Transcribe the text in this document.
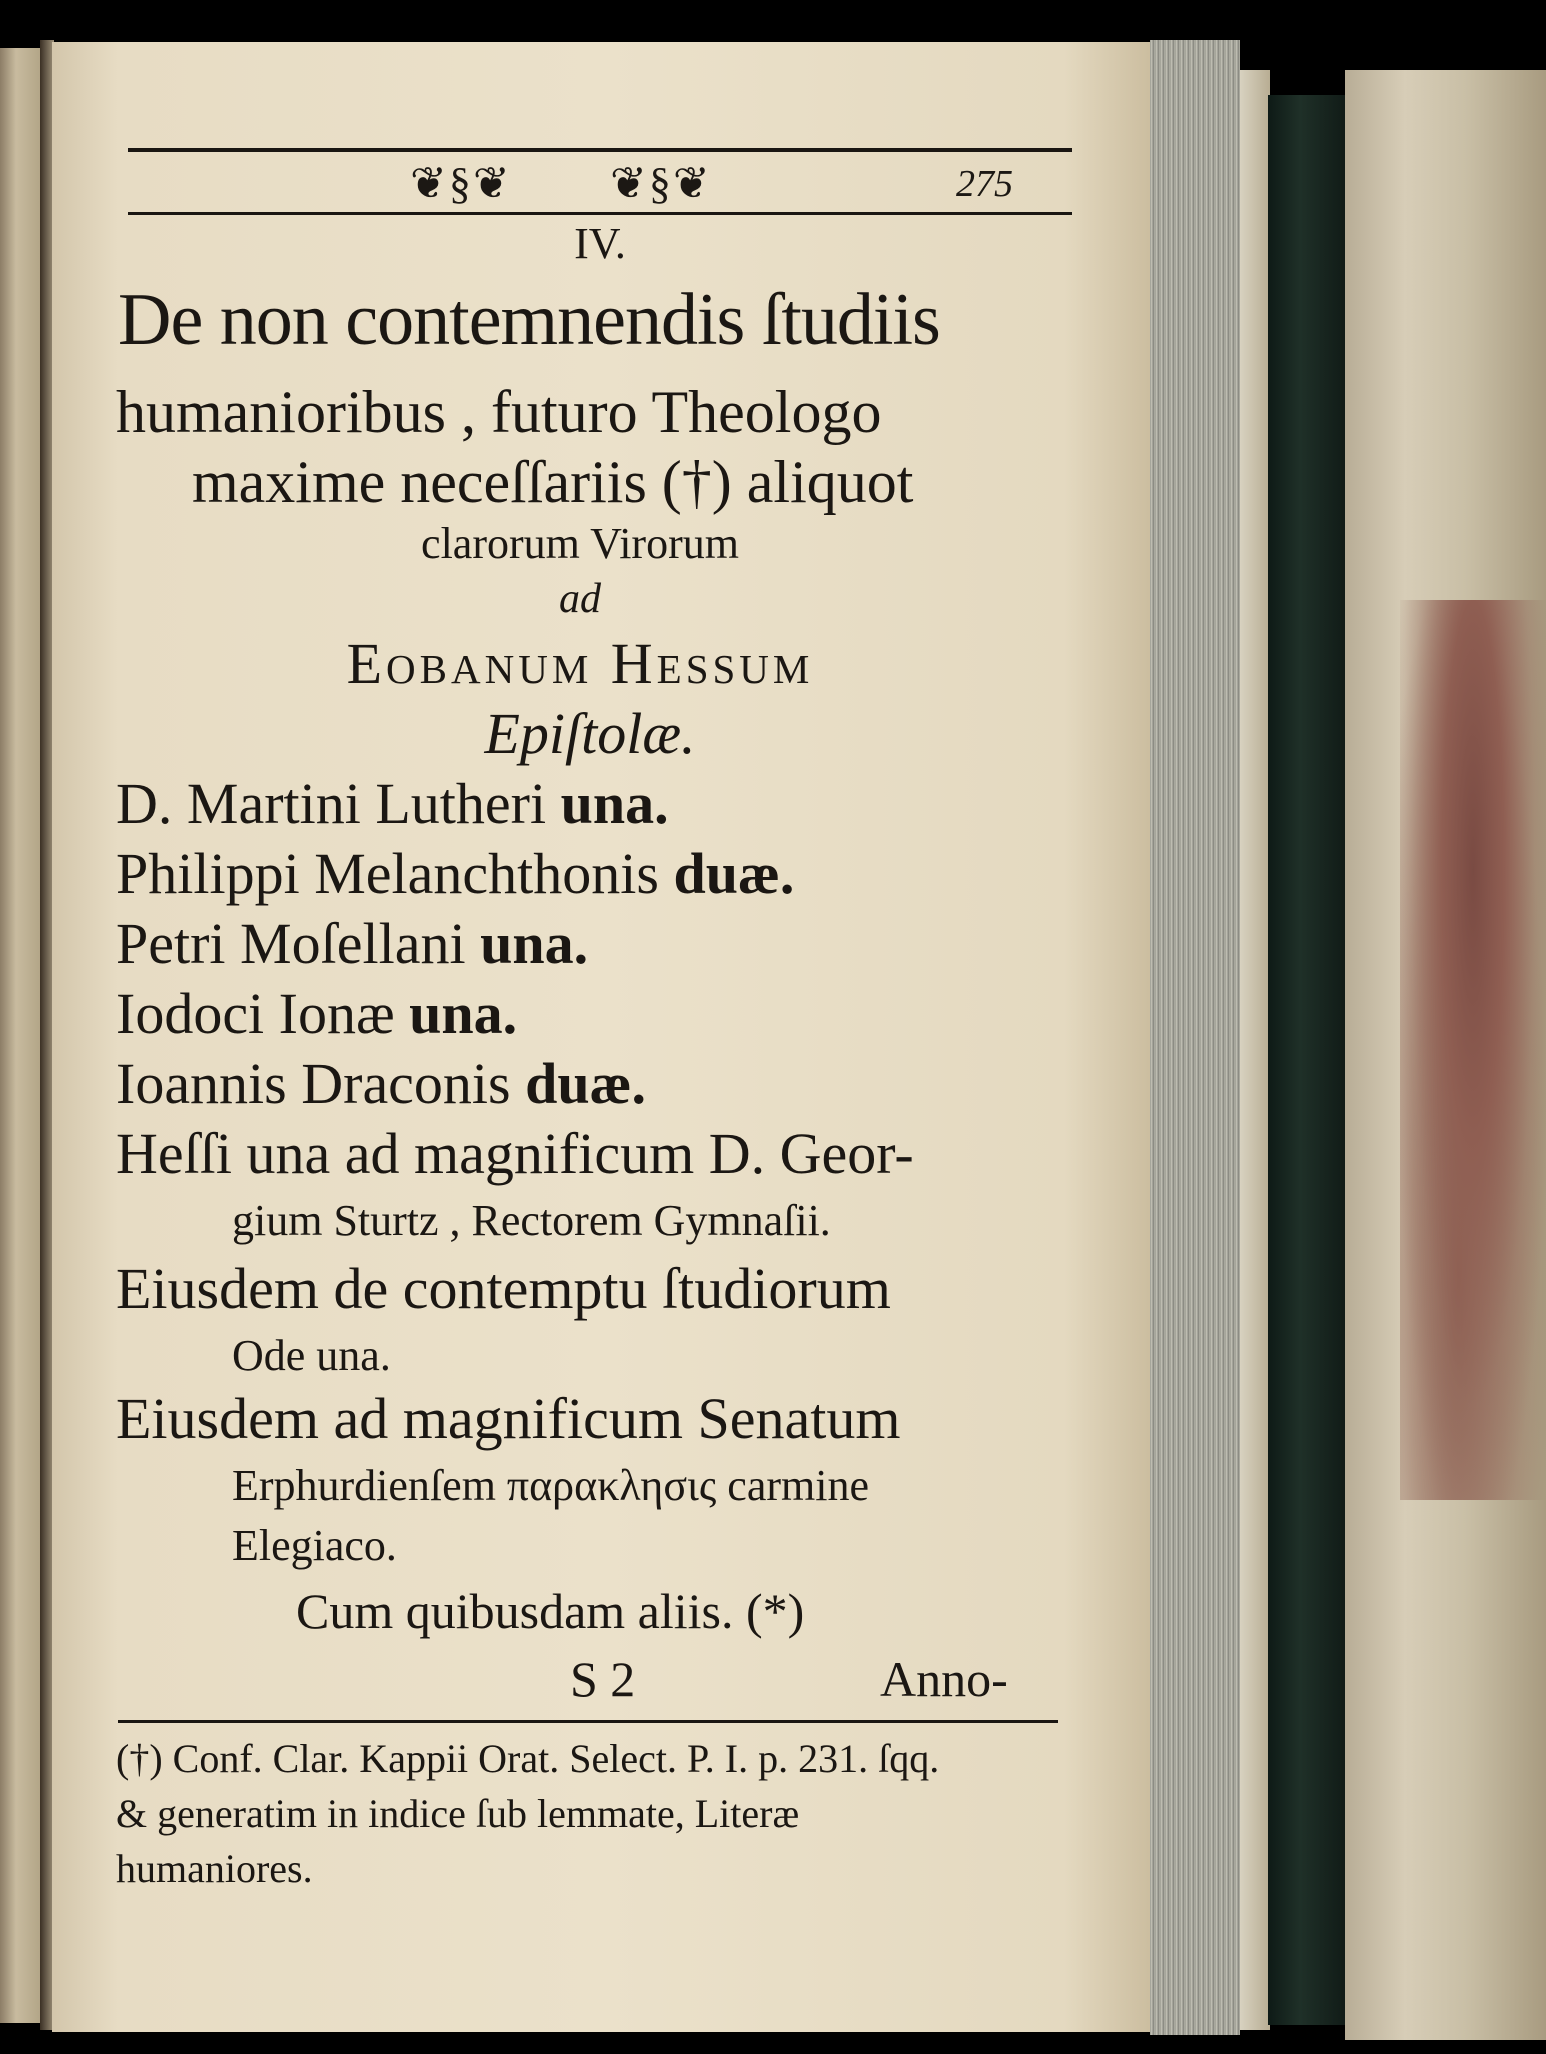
❦§❦ ❦§❦	275
IV.
De non contemnendis ſtudiis
humanioribus , futuro Theologo
maxime neceſſariis (†) aliquot
clarorum Virorum
ad
Eobanum Hessum
Epiſtolæ.
D. Martini Lutheri una.
Philippi Melanchthonis duæ.
Petri Moſellani una.
Iodoci Ionæ una.
Ioannis Draconis duæ.
Heſſi una ad magnificum D. Geor-
gium Sturtz , Rectorem Gymnaſii.
Eiusdem de contemptu ſtudiorum
Ode una.
Eiusdem ad magnificum Senatum
Erphurdienſem παρακλησις carmine
Elegiaco.
Cum quibusdam aliis. (*)
S 2	Anno-
(†) Conf. Clar. Kappii Orat. Select. P. I. p. 231. ſqq.
& generatim in indice ſub lemmate, Literæ
humaniores.
